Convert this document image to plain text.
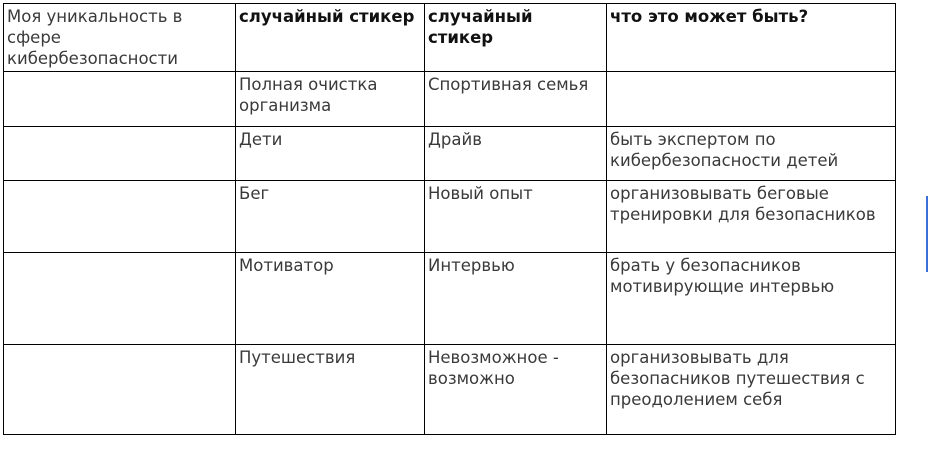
Моя уникальность в сфере кибербезопасности	случайный стикер	случайный стикер	что это может быть?
	Полная очистка организма	Спортивная семья	
	Дети	Драйв	быть экспертом по кибербезопасности детей
	Бег	Новый опыт	организовывать беговые тренировки для безопасников
	Мотиватор	Интервью	брать у безопасников мотивирующие интервью
	Путешествия	Невозможное - возможно	организовывать для безопасников путешествия с преодолением себя
